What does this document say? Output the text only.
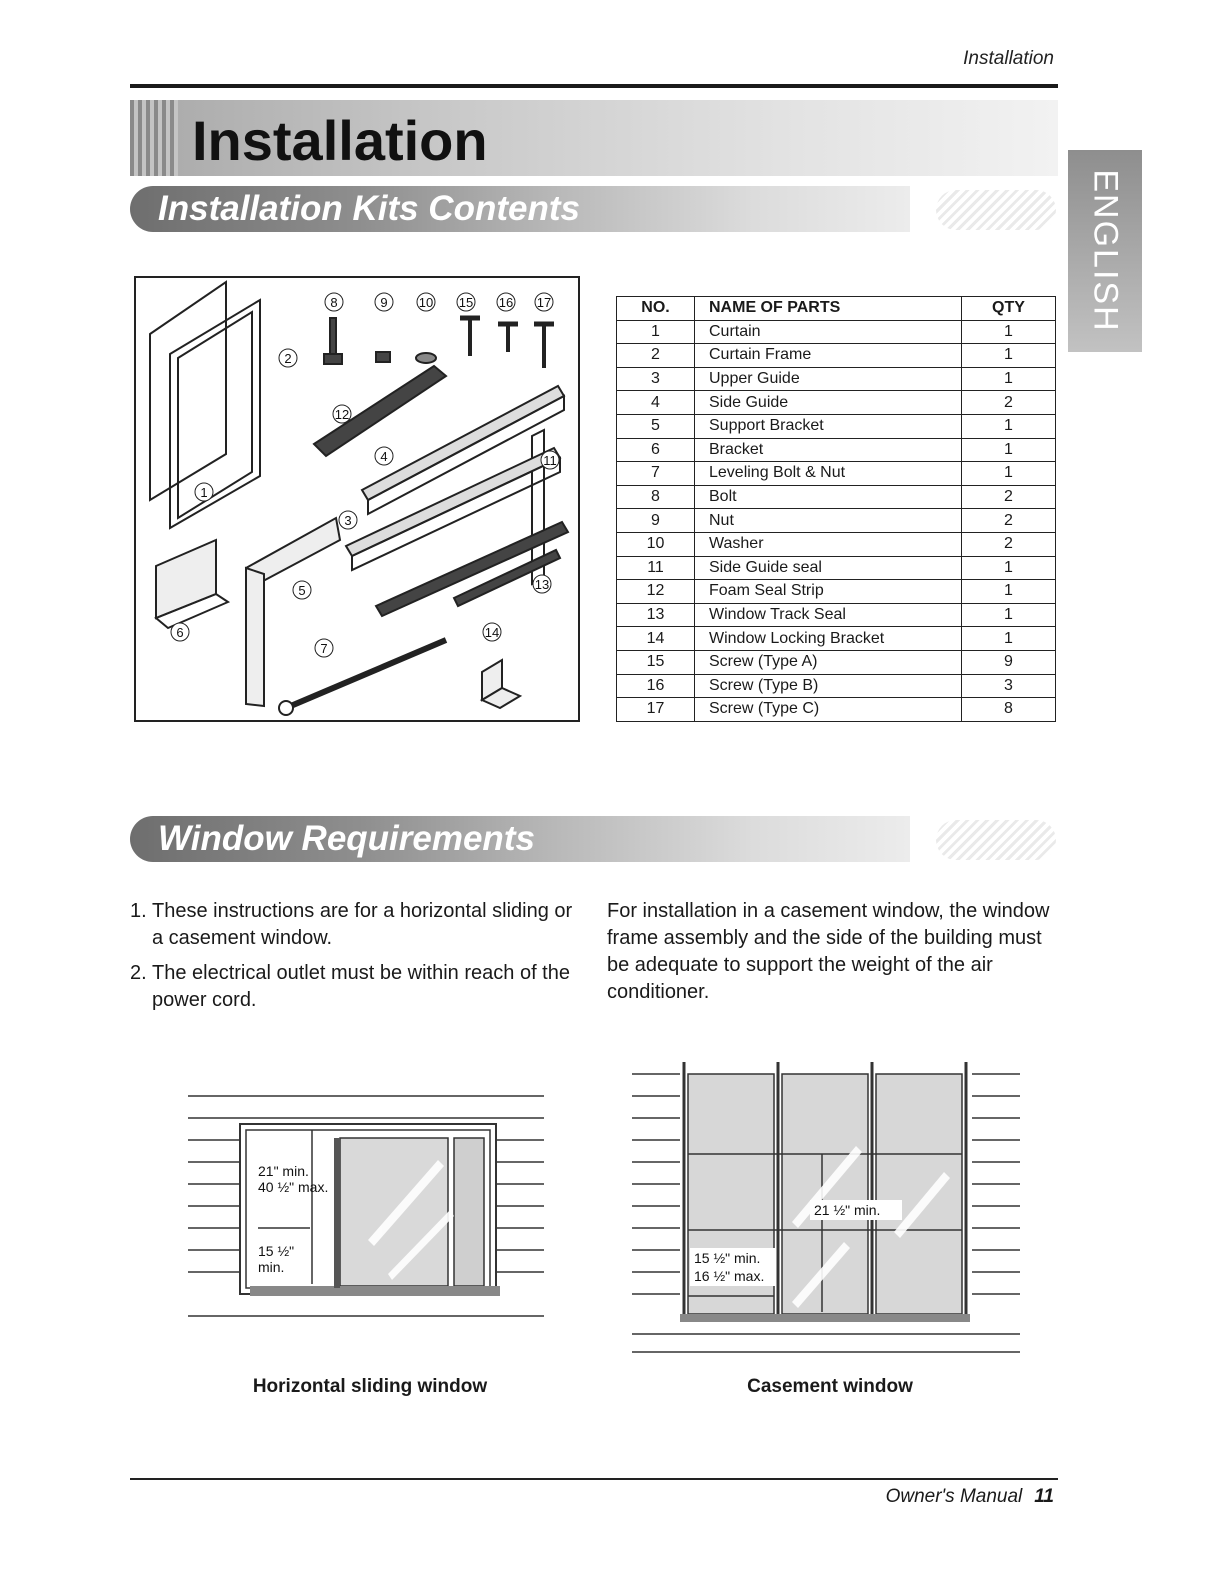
Installation
Installation
ENGLISH
Installation Kits Contents
1
2
3
4
5
6
7
8	9 10
11
12
13
14
15 16 17	NO.	NAME OF PARTS	QTY
1	Curtain	1
2	Curtain Frame	1
3	Upper Guide	1
4	Side Guide	2
5	Support Bracket	1
6	Bracket	1
7	Leveling Bolt & Nut	1
8	Bolt	2
9	Nut	2
10	Washer	2
11	Side Guide seal	1
12	Foam Seal Strip	1
13	Window Track Seal	1
14	Window Locking Bracket	1
15	Screw (Type A)	9
16	Screw (Type B)	3
17	Screw (Type C)	8
Window Requirements
1. These instructions are for a horizontal sliding or a casement window.
2. The electrical outlet must be within reach of the power cord.

For installation in a casement window, the window frame assembly and the side of the building must be adequate to support the weight of the air conditioner.

21" min.
40 ½" max.
15 ½"
min.
Horizontal sliding window
21 ½" min.
15 ½" min.
16 ½" max.
Casement window
Owner's Manual 11
